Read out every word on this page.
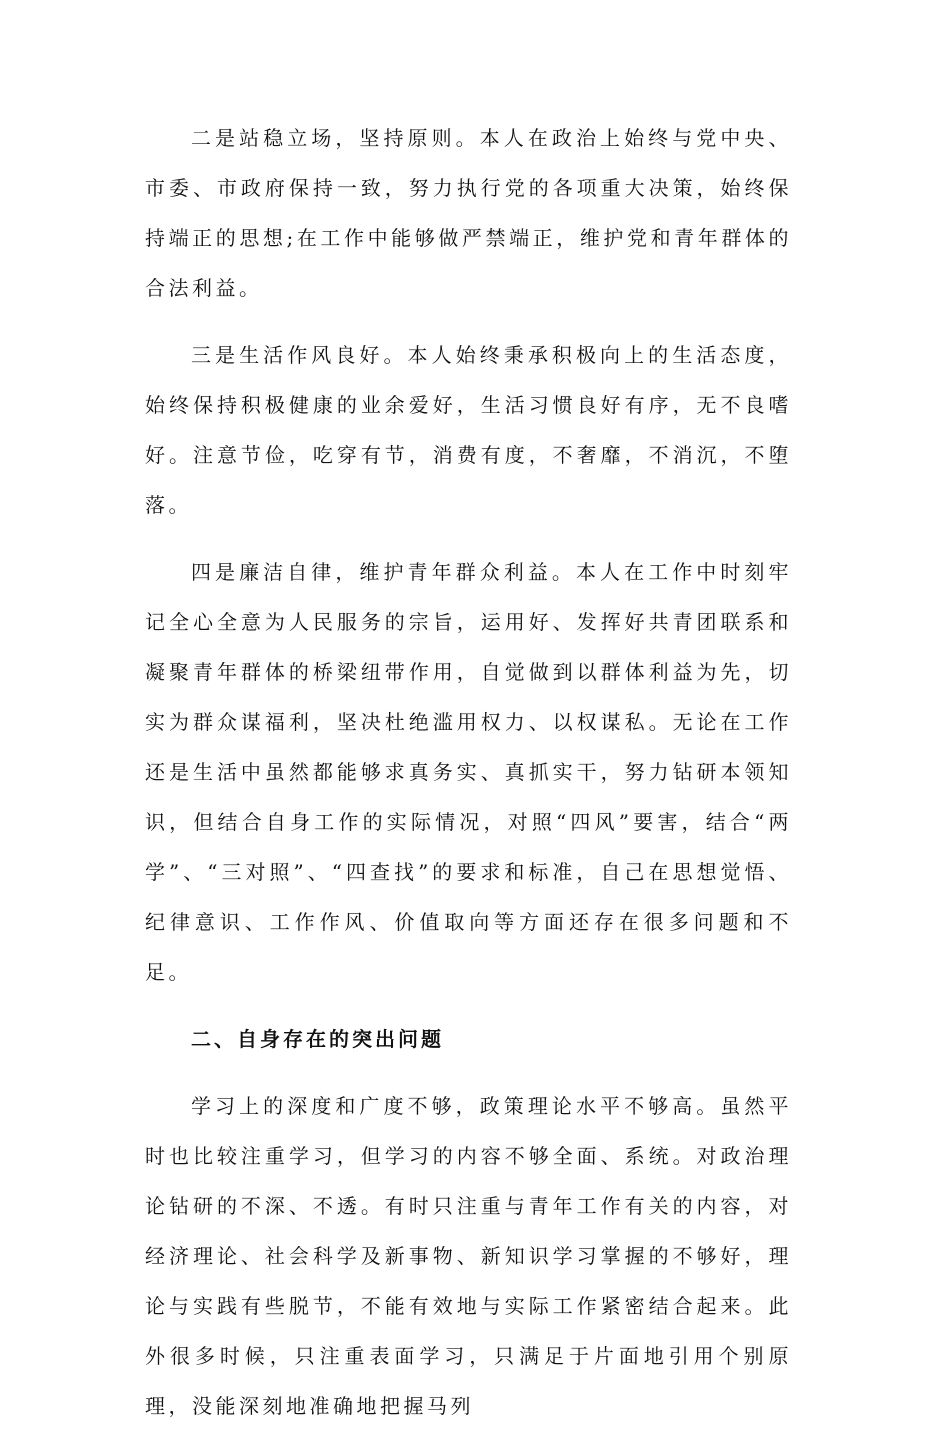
二是站稳立场，坚持原则。本人在政治上始终与党中央、市委、市政府保持一致，努力执行党的各项重大决策，始终保持端正的思想;在工作中能够做严禁端正，维护党和青年群体的合法利益。

三是生活作风良好。本人始终秉承积极向上的生活态度，始终保持积极健康的业余爱好，生活习惯良好有序，无不良嗜好。注意节俭，吃穿有节，消费有度，不奢靡，不消沉，不堕落。

四是廉洁自律，维护青年群众利益。本人在工作中时刻牢记全心全意为人民服务的宗旨，运用好、发挥好共青团联系和凝聚青年群体的桥梁纽带作用，自觉做到以群体利益为先，切实为群众谋福利，坚决杜绝滥用权力、以权谋私。无论在工作还是生活中虽然都能够求真务实、真抓实干，努力钻研本领知识，但结合自身工作的实际情况，对照“四风”要害，结合“两学”、“三对照”、“四查找”的要求和标准，自己在思想觉悟、纪律意识、工作作风、价值取向等方面还存在很多问题和不足。

二、自身存在的突出问题

学习上的深度和广度不够，政策理论水平不够高。虽然平时也比较注重学习，但学习的内容不够全面、系统。对政治理论钻研的不深、不透。有时只注重与青年工作有关的内容，对经济理论、社会科学及新事物、新知识学习掌握的不够好，理论与实践有些脱节，不能有效地与实际工作紧密结合起来。此外很多时候，只注重表面学习，只满足于片面地引用个别原理，没能深刻地准确地把握马列
